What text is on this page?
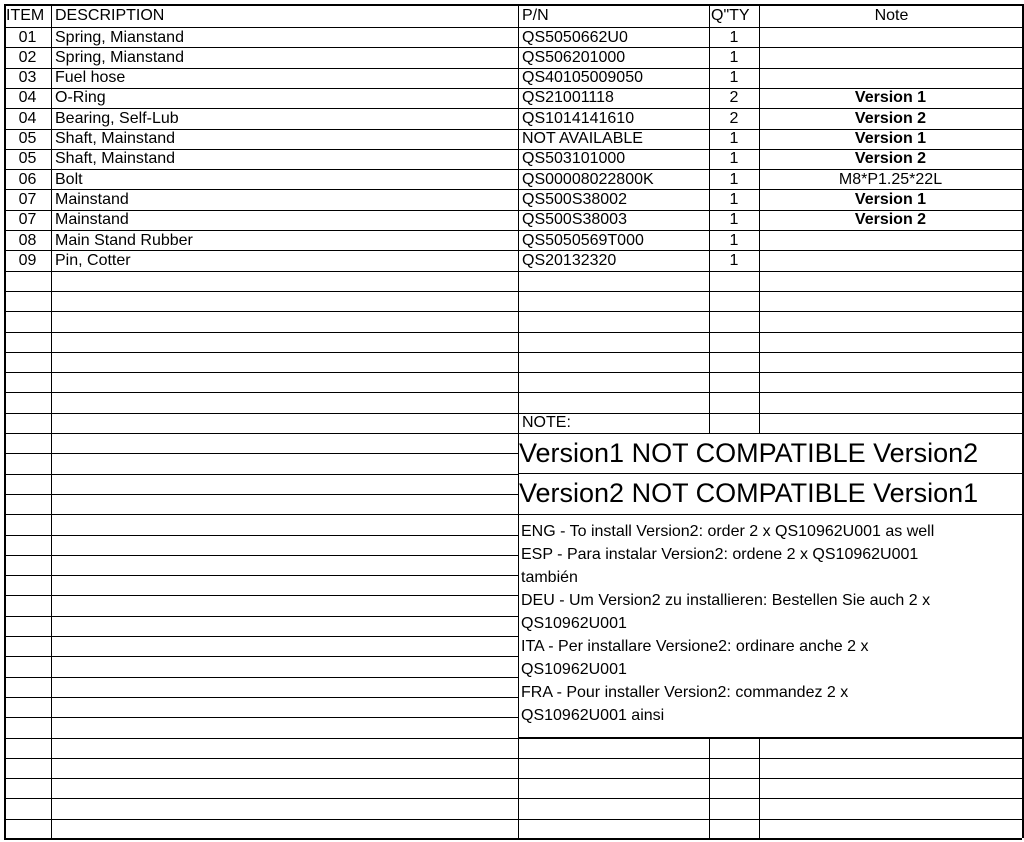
ITEM DESCRIPTION	P/N	Q"TY	Note
01	Spring, Mianstand	QS5050662U0	1
02	Spring, Mianstand	QS506201000	1
03	Fuel hose	QS40105009050	1
04	O-Ring	QS21001118	2	Version 1
04	Bearing, Self-Lub	QS1014141610	2	Version 2
05	Shaft, Mainstand	NOT AVAILABLE	1	Version 1
05	Shaft, Mainstand	QS503101000	1	Version 2
06	Bolt	QS00008022800K	1	M8*P1.25*22L
07	Mainstand	QS500S38002	1	Version 1
07	Mainstand	QS500S38003	1	Version 2
08	Main Stand Rubber	QS5050569T000	1
09	Pin, Cotter	QS20132320	1
NOTE:
Version1 NOT COMPATIBLE Version2
Version2 NOT COMPATIBLE Version1
ENG - To install Version2: order 2 x QS10962U001 as well
ESP - Para instalar Version2: ordene 2 x QS10962U001
también
DEU - Um Version2 zu installieren: Bestellen Sie auch 2 x
QS10962U001
ITA - Per installare Versione2: ordinare anche 2 x
QS10962U001
FRA - Pour installer Version2: commandez 2 x
QS10962U001 ainsi
